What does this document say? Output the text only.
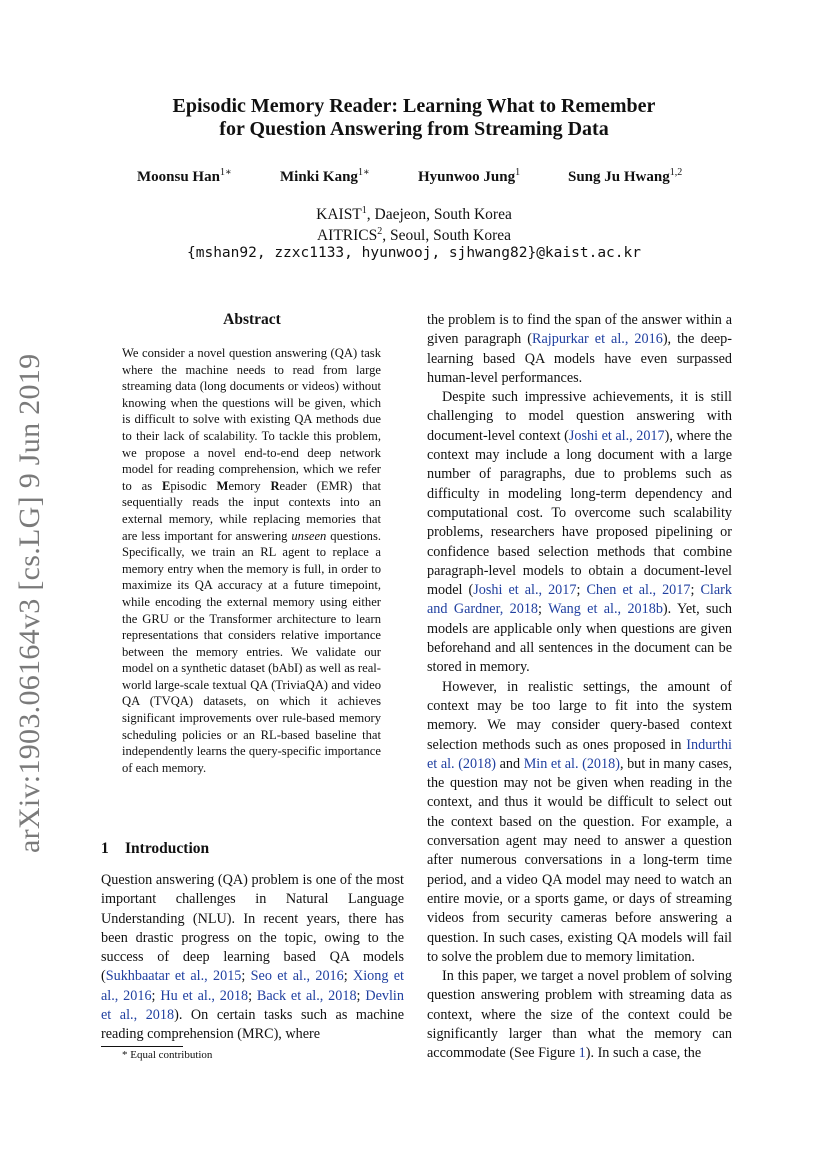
arXiv:1903.06164v3 [cs.LG] 9 Jun 2019
Episodic Memory Reader: Learning What to Remember
for Question Answering from Streaming Data
Moonsu Han$^{1∗}$	Minki Kang$^{1∗}$	Hyunwoo Jung$^1$	Sung Ju Hwang$^{1,2}$
KAIST$^1$, Daejeon, South Korea
AITRICS$^2$, Seoul, South Korea
{mshan92, zzxc1133, hyunwooj, sjhwang82}@kaist.ac.kr
Abstract
We consider a novel question answering (QA) task where the machine needs to read from large streaming data (long documents or videos) without knowing when the questions will be given, which is difficult to solve with existing QA methods due to their lack of scalability. To tackle this problem, we propose a novel end-to-end deep network model for reading comprehension, which we refer to as Episodic Memory Reader (EMR) that sequentially reads the input contexts into an external memory, while replacing memories that are less important for answering unseen questions. Specifically, we train an RL agent to replace a memory entry when the memory is full, in order to maximize its QA accuracy at a future timepoint, while encoding the external memory using either the GRU or the Transformer architecture to learn representations that considers relative importance between the memory entries. We validate our model on a synthetic dataset (bAbI) as well as real-world large-scale textual QA (TriviaQA) and video QA (TVQA) datasets, on which it achieves significant improvements over rule-based memory scheduling policies or an RL-based baseline that independently learns the query-specific importance of each memory.
1 Introduction
Question answering (QA) problem is one of the most important challenges in Natural Language Understanding (NLU). In recent years, there has been drastic progress on the topic, owing to the success of deep learning based QA models (Sukhbaatar et al., 2015; Seo et al., 2016; Xiong et al., 2016; Hu et al., 2018; Back et al., 2018; Devlin et al., 2018). On certain tasks such as machine reading comprehension (MRC), where
* Equal contribution

the problem is to find the span of the answer within a given paragraph (Rajpurkar et al., 2016), the deep-learning based QA models have even surpassed human-level performances.

Despite such impressive achievements, it is still challenging to model question answering with document-level context (Joshi et al., 2017), where the context may include a long document with a large number of paragraphs, due to problems such as difficulty in modeling long-term dependency and computational cost. To overcome such scalability problems, researchers have proposed pipelining or confidence based selection methods that combine paragraph-level models to obtain a document-level model (Joshi et al., 2017; Chen et al., 2017; Clark and Gardner, 2018; Wang et al., 2018b). Yet, such models are applicable only when questions are given beforehand and all sentences in the document can be stored in memory.

However, in realistic settings, the amount of context may be too large to fit into the system memory. We may consider query-based context selection methods such as ones proposed in Indurthi et al. (2018) and Min et al. (2018), but in many cases, the question may not be given when reading in the context, and thus it would be difficult to select out the context based on the question. For example, a conversation agent may need to answer a question after numerous conversations in a long-term time period, and a video QA model may need to watch an entire movie, or a sports game, or days of streaming videos from security cameras before answering a question. In such cases, existing QA models will fail to solve the problem due to memory limitation.

In this paper, we target a novel problem of solving question answering problem with streaming data as context, where the size of the context could be significantly larger than what the memory can accommodate (See Figure 1). In such a case, the
